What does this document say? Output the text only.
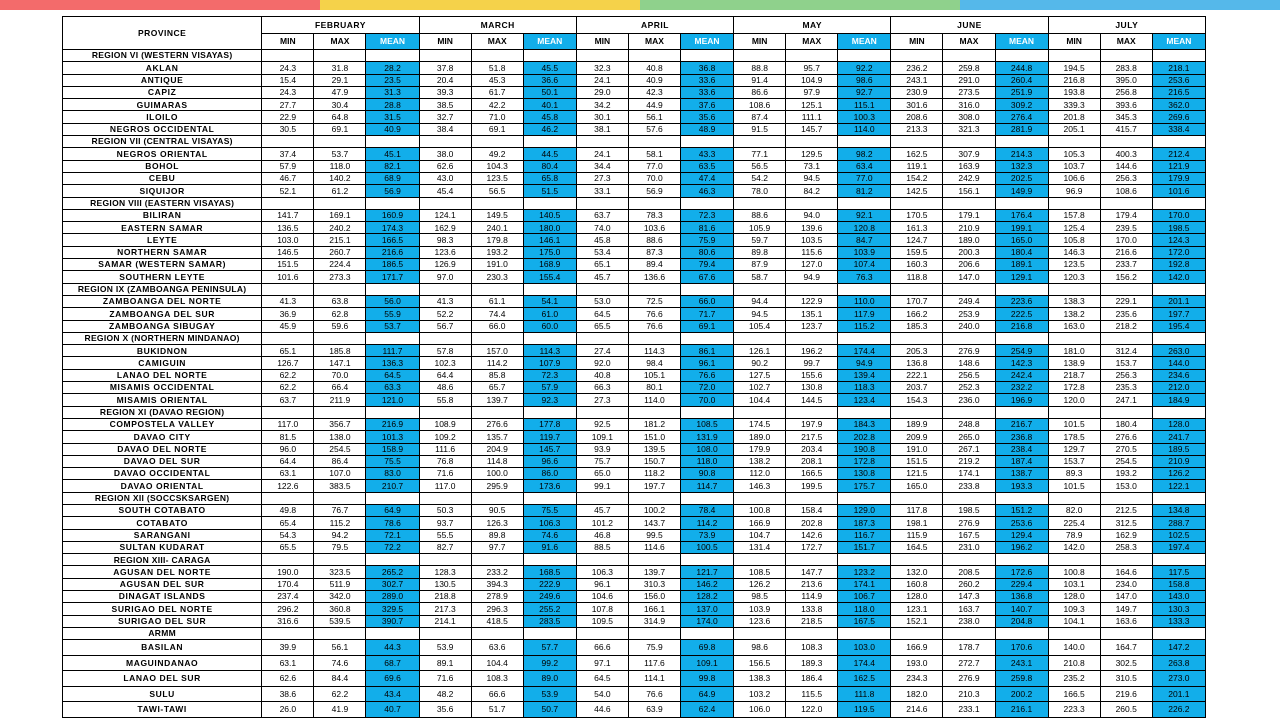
PROVINCE	FEBRUARY			MARCH			APRIL			MAY			JUNE			JULY		
	MIN	MAX	MEAN	MIN	MAX	MEAN	MIN	MAX	MEAN	MIN	MAX	MEAN	MIN	MAX	MEAN	MIN	MAX	MEAN
REGION VI (WESTERN VISAYAS)																		
AKLAN	24.3	31.8	28.2	37.8	51.8	45.5	32.3	40.8	36.8	88.8	95.7	92.2	236.2	259.8	244.8	194.5	283.8	218.1
ANTIQUE	15.4	29.1	23.5	20.4	45.3	36.6	24.1	40.9	33.6	91.4	104.9	98.6	243.1	291.0	260.4	216.8	395.0	253.6
CAPIZ	24.3	47.9	31.3	39.3	61.7	50.1	29.0	42.3	33.6	86.6	97.9	92.7	230.9	273.5	251.9	193.8	256.8	216.5
GUIMARAS	27.7	30.4	28.8	38.5	42.2	40.1	34.2	44.9	37.6	108.6	125.1	115.1	301.6	316.0	309.2	339.3	393.6	362.0
ILOILO	22.9	64.8	31.5	32.7	71.0	45.8	30.1	56.1	35.6	87.4	111.1	100.3	208.6	308.0	276.4	201.8	345.3	269.6
NEGROS OCCIDENTAL	30.5	69.1	40.9	38.4	69.1	46.2	38.1	57.6	48.9	91.5	145.7	114.0	213.3	321.3	281.9	205.1	415.7	338.4
REGION VII (CENTRAL VISAYAS)																		
NEGROS ORIENTAL	37.4	53.7	45.1	38.0	49.2	44.5	24.1	58.1	43.3	77.1	129.5	98.2	162.5	307.9	214.3	105.3	400.3	212.4
BOHOL	57.9	118.0	82.1	62.6	104.3	80.4	34.4	77.0	63.5	56.5	73.1	63.4	119.1	163.9	132.3	103.7	144.6	121.9
CEBU	46.7	140.2	68.9	43.0	123.5	65.8	27.3	70.0	47.4	54.2	94.5	77.0	154.2	242.9	202.5	106.6	256.3	179.9
SIQUIJOR	52.1	61.2	56.9	45.4	56.5	51.5	33.1	56.9	46.3	78.0	84.2	81.2	142.5	156.1	149.9	96.9	108.6	101.6
REGION VIII (EASTERN VISAYAS)																		
BILIRAN	141.7	169.1	160.9	124.1	149.5	140.5	63.7	78.3	72.3	88.6	94.0	92.1	170.5	179.1	176.4	157.8	179.4	170.0
EASTERN SAMAR	136.5	240.2	174.3	162.9	240.1	180.0	74.0	103.6	81.6	105.9	139.6	120.8	161.3	210.9	199.1	125.4	239.5	198.5
LEYTE	103.0	215.1	166.5	98.3	179.8	146.1	45.8	88.6	75.9	59.7	103.5	84.7	124.7	189.0	165.0	105.8	170.0	124.3
NORTHERN SAMAR	146.5	260.7	216.6	123.6	193.2	175.0	53.4	87.3	80.6	89.8	115.6	103.9	159.5	200.3	180.4	146.3	216.6	172.0
SAMAR (WESTERN SAMAR)	151.5	224.4	186.5	126.9	191.0	168.9	65.1	89.4	79.4	87.9	127.0	107.4	160.3	206.6	189.1	123.5	233.7	192.8
SOUTHERN LEYTE	101.6	273.3	171.7	97.0	230.3	155.4	45.7	136.6	67.6	58.7	94.9	76.3	118.8	147.0	129.1	120.3	156.2	142.0
REGION IX (ZAMBOANGA PENINSULA)																		
ZAMBOANGA DEL NORTE	41.3	63.8	56.0	41.3	61.1	54.1	53.0	72.5	66.0	94.4	122.9	110.0	170.7	249.4	223.6	138.3	229.1	201.1
ZAMBOANGA DEL SUR	36.9	62.8	55.9	52.2	74.4	61.0	64.5	76.6	71.7	94.5	135.1	117.9	166.2	253.9	222.5	138.2	235.6	197.7
ZAMBOANGA SIBUGAY	45.9	59.6	53.7	56.7	66.0	60.0	65.5	76.6	69.1	105.4	123.7	115.2	185.3	240.0	216.8	163.0	218.2	195.4
REGION X (NORTHERN MINDANAO)																		
BUKIDNON	65.1	185.8	111.7	57.8	157.0	114.3	27.4	114.3	86.1	126.1	196.2	174.4	205.3	276.9	254.9	181.0	312.4	263.0
CAMIGUIN	126.7	147.1	136.3	102.3	114.2	107.9	92.0	98.4	96.1	90.2	99.7	94.9	136.8	148.6	142.3	138.9	153.7	144.0
LANAO DEL NORTE	62.2	70.0	64.5	64.4	85.8	72.3	40.8	105.1	76.6	127.5	155.6	139.4	222.1	256.5	242.4	218.7	256.3	234.6
MISAMIS OCCIDENTAL	62.2	66.4	63.3	48.6	65.7	57.9	66.3	80.1	72.0	102.7	130.8	118.3	203.7	252.3	232.2	172.8	235.3	212.0
MISAMIS ORIENTAL	63.7	211.9	121.0	55.8	139.7	92.3	27.3	114.0	70.0	104.4	144.5	123.4	154.3	236.0	196.9	120.0	247.1	184.9
REGION XI (DAVAO REGION)																		
COMPOSTELA VALLEY	117.0	356.7	216.9	108.9	276.6	177.8	92.5	181.2	108.5	174.5	197.9	184.3	189.9	248.8	216.7	101.5	180.4	128.0
DAVAO CITY	81.5	138.0	101.3	109.2	135.7	119.7	109.1	151.0	131.9	189.0	217.5	202.8	209.9	265.0	236.8	178.5	276.6	241.7
DAVAO DEL NORTE	96.0	254.5	158.9	111.6	204.9	145.7	93.9	139.5	108.0	179.9	203.4	190.8	191.0	267.1	238.4	129.7	270.5	189.5
DAVAO DEL SUR	64.4	86.4	75.5	76.8	114.8	96.6	75.7	150.7	118.0	138.2	208.1	172.8	151.5	219.2	187.4	153.7	254.5	210.9
DAVAO OCCIDENTAL	63.1	107.0	83.0	71.6	100.0	86.0	65.0	118.2	90.8	112.0	166.5	130.8	121.5	174.1	138.7	89.3	193.2	126.2
DAVAO ORIENTAL	122.6	383.5	210.7	117.0	295.9	173.6	99.1	197.7	114.7	146.3	199.5	175.7	165.0	233.8	193.3	101.5	153.0	122.1
REGION XII (SOCCSKSARGEN)																		
SOUTH COTABATO	49.8	76.7	64.9	50.3	90.5	75.5	45.7	100.2	78.4	100.8	158.4	129.0	117.8	198.5	151.2	82.0	212.5	134.8
COTABATO	65.4	115.2	78.6	93.7	126.3	106.3	101.2	143.7	114.2	166.9	202.8	187.3	198.1	276.9	253.6	225.4	312.5	288.7
SARANGANI	54.3	94.2	72.1	55.5	89.8	74.6	46.8	99.5	73.9	104.7	142.6	116.7	115.9	167.5	129.4	78.9	162.9	102.5
SULTAN KUDARAT	65.5	79.5	72.2	82.7	97.7	91.6	88.5	114.6	100.5	131.4	172.7	151.7	164.5	231.0	196.2	142.0	258.3	197.4
REGION XIII- CARAGA																		
AGUSAN DEL NORTE	190.0	323.5	265.2	128.3	233.2	168.5	106.3	139.7	121.7	108.5	147.7	123.2	132.0	208.5	172.6	100.8	164.6	117.5
AGUSAN DEL SUR	170.4	511.9	302.7	130.5	394.3	222.9	96.1	310.3	146.2	126.2	213.6	174.1	160.8	260.2	229.4	103.1	234.0	158.8
DINAGAT ISLANDS	237.4	342.0	289.0	218.8	278.9	249.6	104.6	156.0	128.2	98.5	114.9	106.7	128.0	147.3	136.8	128.0	147.0	143.0
SURIGAO DEL NORTE	296.2	360.8	329.5	217.3	296.3	255.2	107.8	166.1	137.0	103.9	133.8	118.0	123.1	163.7	140.7	109.3	149.7	130.3
SURIGAO DEL SUR	316.6	539.5	390.7	214.1	418.5	283.5	109.5	314.9	174.0	123.6	218.5	167.5	152.1	238.0	204.8	104.1	163.6	133.3
ARMM																		
BASILAN	39.9	56.1	44.3	53.9	63.6	57.7	66.6	75.9	69.8	98.6	108.3	103.0	166.9	178.7	170.6	140.0	164.7	147.2
MAGUINDANAO	63.1	74.6	68.7	89.1	104.4	99.2	97.1	117.6	109.1	156.5	189.3	174.4	193.0	272.7	243.1	210.8	302.5	263.8
LANAO DEL SUR	62.6	84.4	69.6	71.6	108.3	89.0	64.5	114.1	99.8	138.3	186.4	162.5	234.3	276.9	259.8	235.2	310.5	273.0
SULU	38.6	62.2	43.4	48.2	66.6	53.9	54.0	76.6	64.9	103.2	115.5	111.8	182.0	210.3	200.2	166.5	219.6	201.1
TAWI-TAWI	26.0	41.9	40.7	35.6	51.7	50.7	44.6	63.9	62.4	106.0	122.0	119.5	214.6	233.1	216.1	223.3	260.5	226.2
